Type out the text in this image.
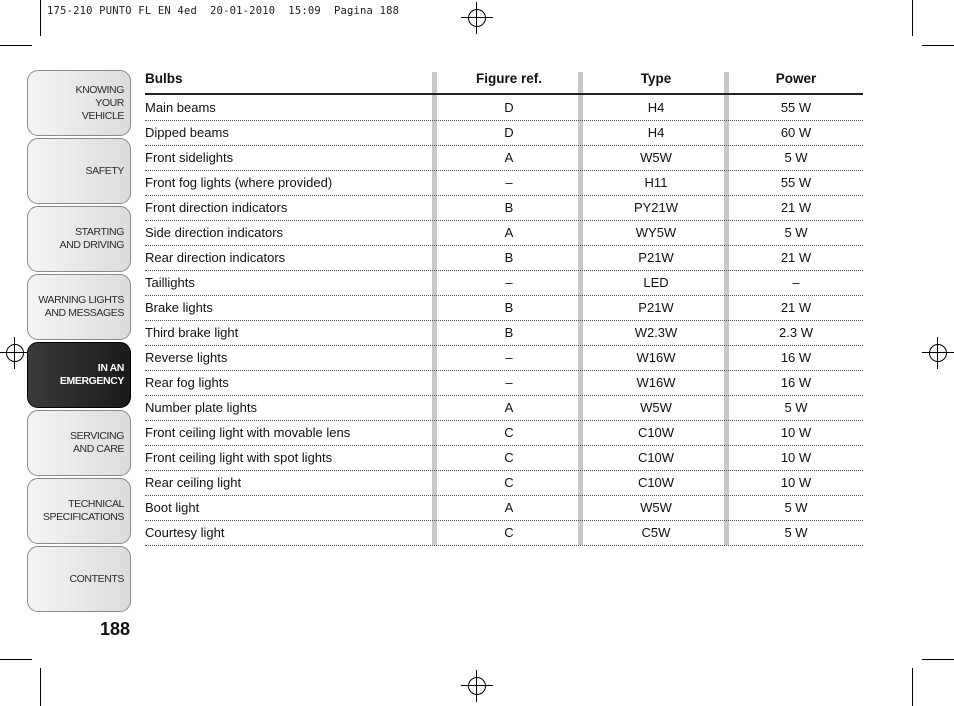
175-210 PUNTO FL EN 4ed  20-01-2010  15:09  Pagina 188
KNOWING
YOUR
VEHICLE
SAFETY
STARTING
AND DRIVING
WARNING LIGHTS
AND MESSAGES
IN AN
EMERGENCY
SERVICING
AND CARE
TECHNICAL
SPECIFICATIONS
CONTENTS
188
Bulbs	Figure ref.	Type	Power
Main beams	D	H4	55 W
Dipped beams	D	H4	60 W
Front sidelights	A	W5W	5 W
Front fog lights (where provided)	–	H11	55 W
Front direction indicators	B	PY21W	21 W
Side direction indicators	A	WY5W	5 W
Rear direction indicators	B	P21W	21 W
Taillights	–	LED	–
Brake lights	B	P21W	21 W
Third brake light	B	W2.3W	2.3 W
Reverse lights	–	W16W	16 W
Rear fog lights	–	W16W	16 W
Number plate lights	A	W5W	5 W
Front ceiling light with movable lens	C	C10W	10 W
Front ceiling light with spot lights	C	C10W	10 W
Rear ceiling light	C	C10W	10 W
Boot light	A	W5W	5 W
Courtesy light	C	C5W	5 W
